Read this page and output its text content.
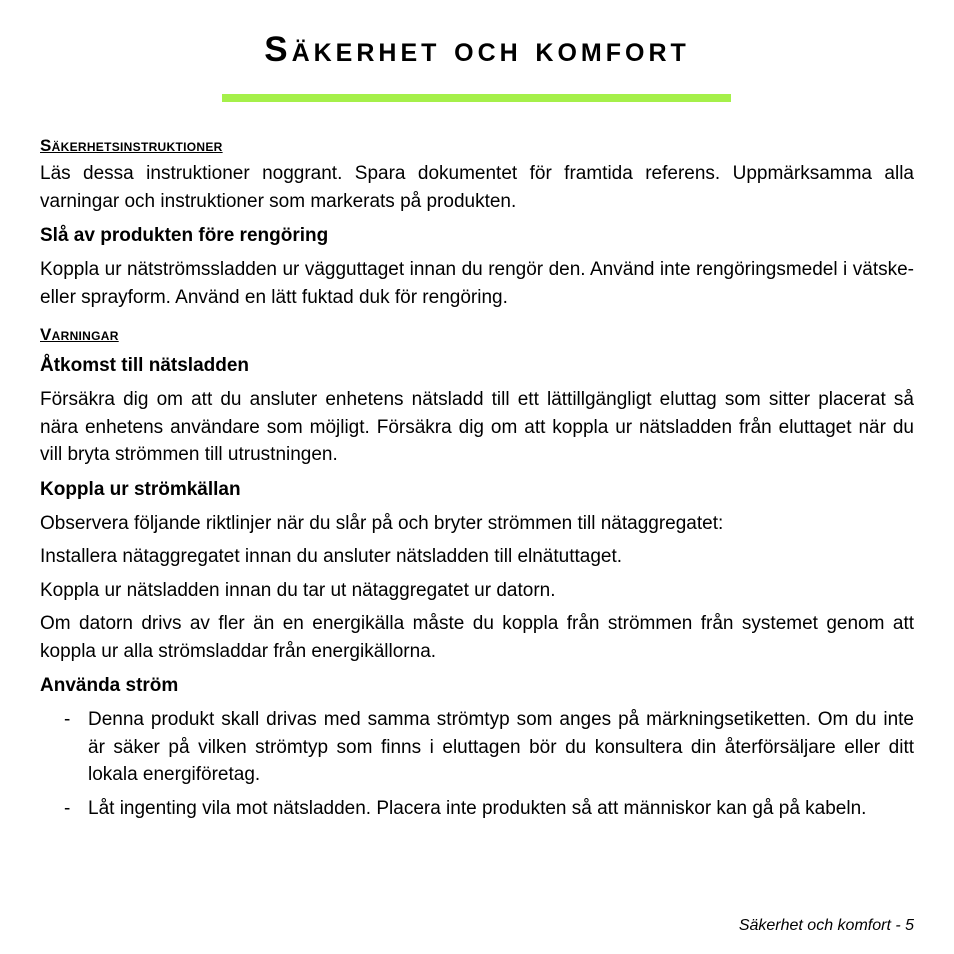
Säkerhet och komfort
Säkerhetsinstruktioner

Läs dessa instruktioner noggrant. Spara dokumentet för framtida referens. Uppmärksamma alla varningar och instruktioner som markerats på produkten.

Slå av produkten före rengöring

Koppla ur nätströmssladden ur vägguttaget innan du rengör den. Använd inte rengöringsmedel i vätske- eller sprayform. Använd en lätt fuktad duk för rengöring.

Varningar
Åtkomst till nätsladden

Försäkra dig om att du ansluter enhetens nätsladd till ett lättillgängligt eluttag som sitter placerat så nära enhetens användare som möjligt. Försäkra dig om att koppla ur nätsladden från eluttaget när du vill bryta strömmen till utrustningen.

Koppla ur strömkällan

Observera följande riktlinjer när du slår på och bryter strömmen till nätaggregatet:

Installera nätaggregatet innan du ansluter nätsladden till elnätuttaget.

Koppla ur nätsladden innan du tar ut nätaggregatet ur datorn.

Om datorn drivs av fler än en energikälla måste du koppla från strömmen från systemet genom att koppla ur alla strömsladdar från energikällorna.

Använda ström
- Denna produkt skall drivas med samma strömtyp som anges på märkningsetiketten. Om du inte är säker på vilken strömtyp som finns i eluttagen bör du konsultera din återförsäljare eller ditt lokala energiföretag.
- Låt ingenting vila mot nätsladden. Placera inte produkten så att människor kan gå på kabeln.
Säkerhet och komfort - 5
